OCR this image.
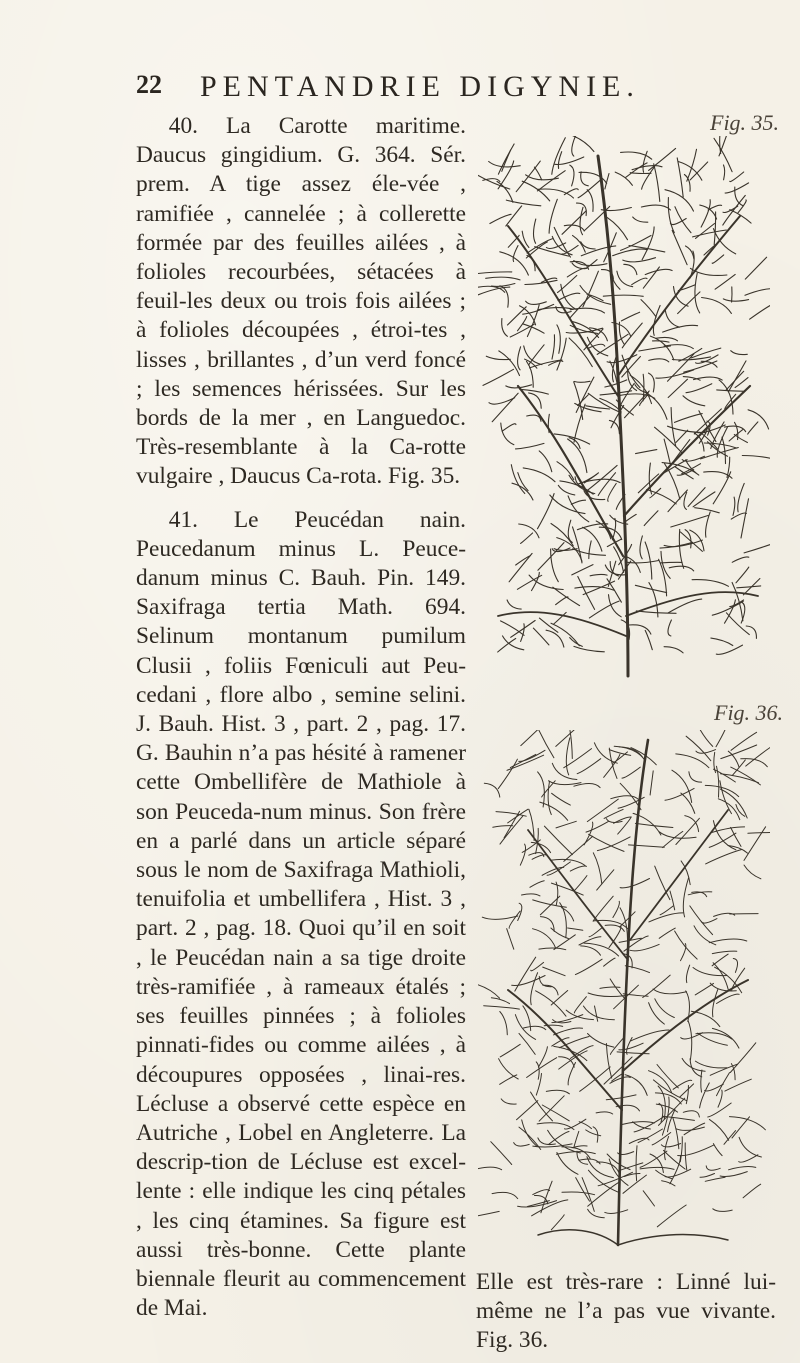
22 PENTANDRIE DIGYNIE.

40. La Carotte maritime. Daucus gingidium. G. 364. Sér. prem. A tige assez éle-vée , ramifiée , cannelée ; à collerette formée par des feuilles ailées , à folioles recourbées, sétacées à feuil-les deux ou trois fois ailées ; à folioles découpées , étroi-tes , lisses , brillantes , d’un verd foncé ; les semences hérissées. Sur les bords de la mer , en Languedoc. Très-resemblante à la Ca-rotte vulgaire , Daucus Ca-rota. Fig. 35.

41. Le Peucédan nain. Peucedanum minus L. Peuce-danum minus C. Bauh. Pin. 149. Saxifraga tertia Math. 694. Selinum montanum pumilum Clusii , foliis Fœniculi aut Peu-cedani , flore albo , semine selini. J. Bauh. Hist. 3 , part. 2 , pag. 17. G. Bauhin n’a pas hésité à ramener cette Ombellifère de Mathiole à son Peuceda-num minus. Son frère en a parlé dans un article séparé sous le nom de Saxifraga Mathioli, tenuifolia et umbellifera , Hist. 3 , part. 2 , pag. 18. Quoi qu’il en soit , le Peucédan nain a sa tige droite très-ramifiée , à rameaux étalés ; ses feuilles pinnées ; à folioles pinnati-fides ou comme ailées , à découpures opposées , linai-res. Lécluse a observé cette espèce en Autriche , Lobel en Angleterre. La descrip-tion de Lécluse est excel-lente : elle indique les cinq pétales , les cinq étamines. Sa figure est aussi très-bonne. Cette plante biennale fleurit au commencement de Mai.

Fig. 35.
Fig. 36.
Elle est très-rare : Linné lui-même ne l’a pas vue vivante. Fig. 36.
